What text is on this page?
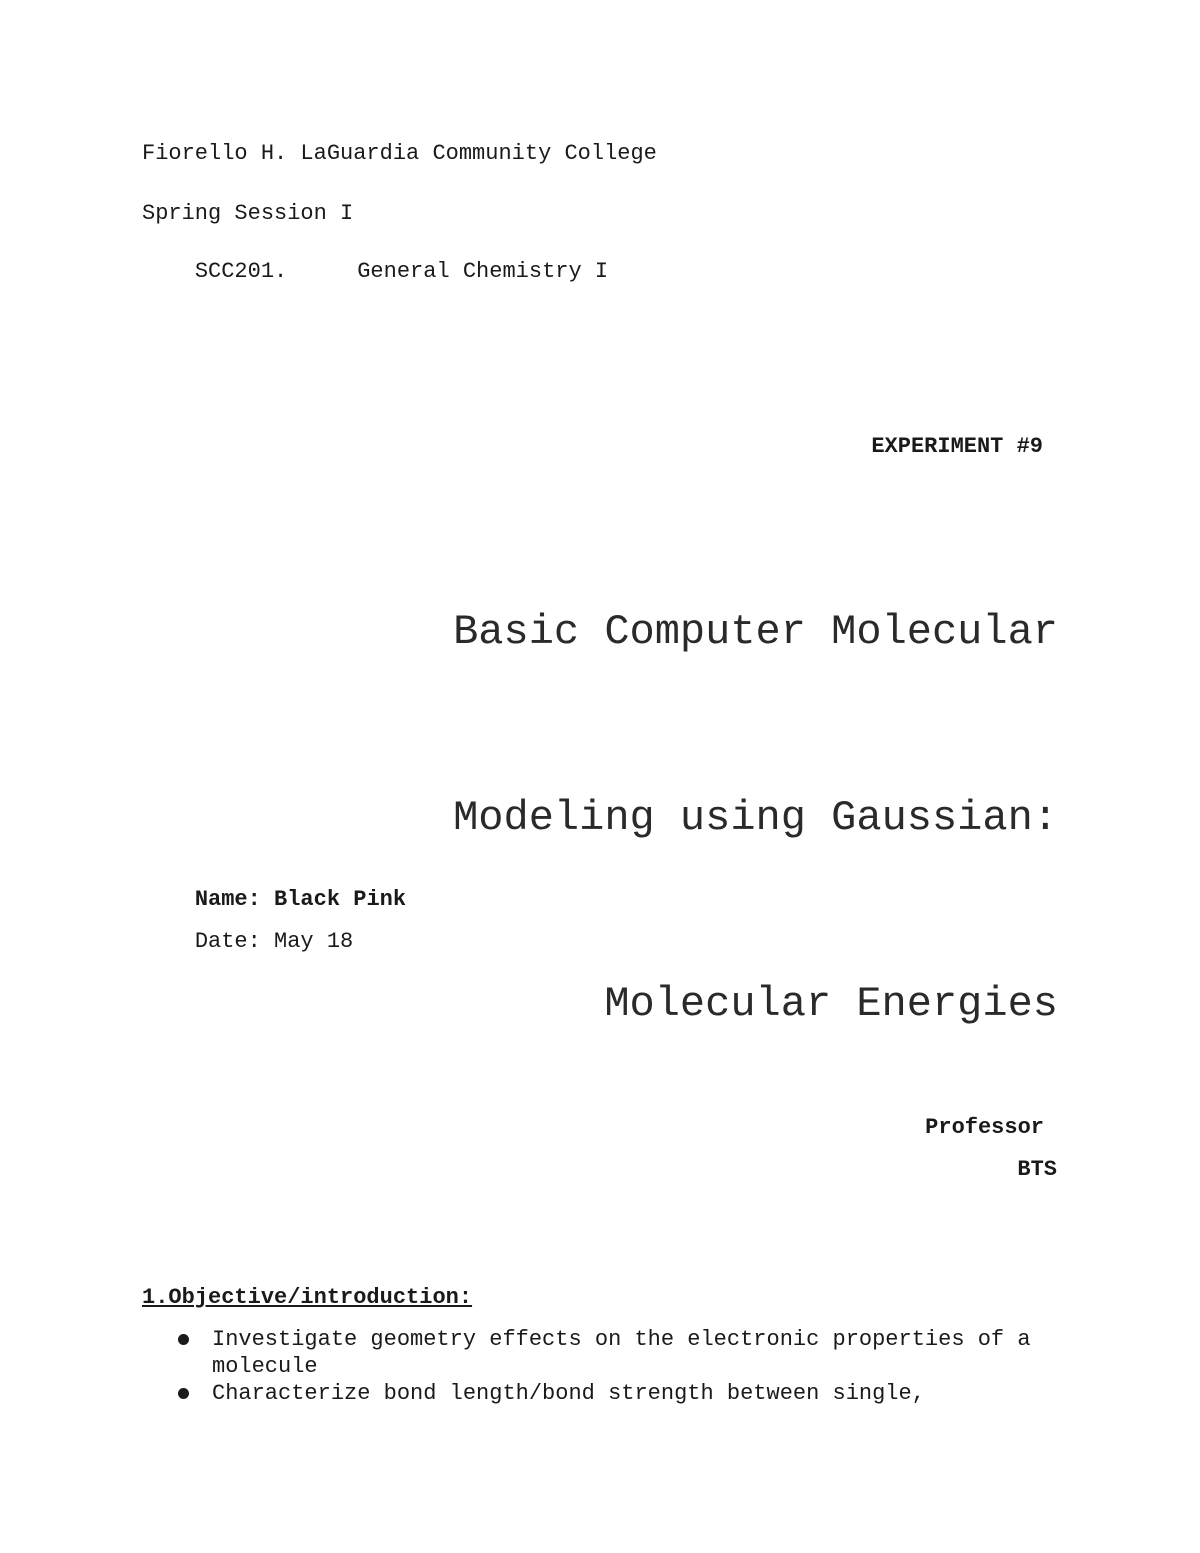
Fiorello H. LaGuardia Community College
Spring Session I

SCC201.	General Chemistry I

EXPERIMENT #9

Basic Computer Molecular

Modeling using Gaussian:

Molecular Energies

Name: Black Pink

Date: May 18

Professor
BTS
1.Objective/introduction:
Investigate geometry effects on the electronic properties of a molecule
Characterize bond length/bond strength between single,
